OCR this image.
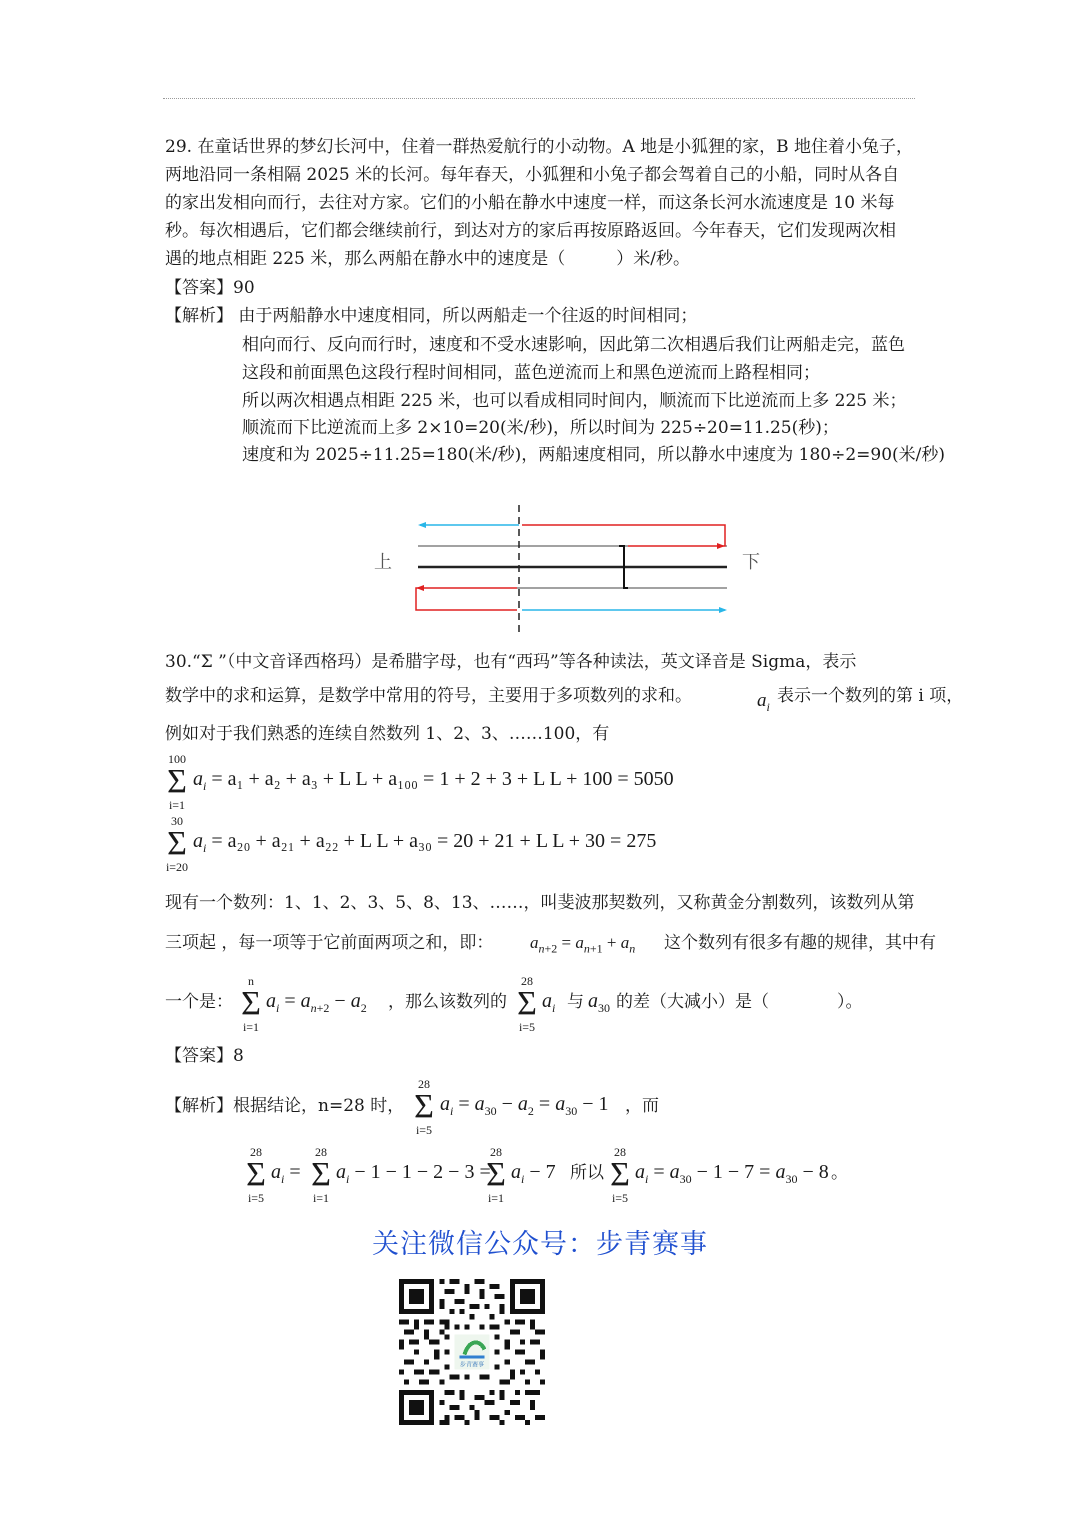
29. 在童话世界的梦幻长河中，住着一群热爱航行的小动物。A 地是小狐狸的家，B 地住着小兔子，
两地沿同一条相隔 2025 米的长河。每年春天，小狐狸和小兔子都会驾着自己的小船，同时从各自
的家出发相向而行，去往对方家。它们的小船在静水中速度一样，而这条长河水流速度是 10 米每
秒。每次相遇后，它们都会继续前行，到达对方的家后再按原路返回。今年春天，它们发现两次相
遇的地点相距 225 米，那么两船在静水中的速度是（　　　）米/秒。
【答案】90
【解析】 由于两船静水中速度相同，所以两船走一个往返的时间相同；
相向而行、反向而行时，速度和不受水速影响，因此第二次相遇后我们让两船走完，蓝色
这段和前面黑色这段行程时间相同，蓝色逆流而上和黑色逆流而上路程相同；
所以两次相遇点相距 225 米，也可以看成相同时间内，顺流而下比逆流而上多 225 米；
顺流而下比逆流而上多 2×10=20(米/秒)，所以时间为 225÷20=11.25(秒)；
速度和为 2025÷11.25=180(米/秒)，两船速度相同，所以静水中速度为 180÷2=90(米/秒)
上	下
30.“Σ ”（中文音译西格玛）是希腊字母，也有“西玛”等各种读法，英文译音是 Sigma，表示
数学中的求和运算，是数学中常用的符号，主要用于多项数列的求和。	$a_i$
表示一个数列的第 i 项，
例如对于我们熟悉的连续自然数列 1、2、3、……100，有
100
Σ
i=1
$a_i = a_1 + a_2 + a_3 + L$ L + a₁₀₀ = 1 + 2 + 3 + L L + 100 = 5050
30
Σ
i=20
$a_i = a_{20} + a_{21} + a_{22} + L$ L + a₃₀ = 20 + 21 + L L + 30 = 275
现有一个数列：1、1、2、3、5、8、13、……，叫斐波那契数列，又称黄金分割数列，该数列从第
三项起 ，每一项等于它前面两项之和，即： $a_{n+2} = a_{n+1} + a_n$ 这个数列有很多有趣的规律，其中有
一个是：
n
Σ
i=1
$a_i = a_{n+2} - a_2$ ，那么该数列的
28
Σ
i=5
$a_i$ 与 $a_{30}$ 的差（大减小）是（　　　　）。
【答案】8
【解析】根据结论，n=28 时，
28
Σ
i=5
$a_i = a_{30} - a_2 = a_{30} - 1$ ，而
28
Σ
i=5
$a_i$ =
28
Σ
i=1
$a_i - 1 - 1 - 2 - 3$ =
28
Σ
i=1
$a_i - 7$ 所以
28
Σ
i=5
$a_i = a_{30} - 1 - 7 = a_{30} - 8$ 。
关注微信公众号：步青赛事
步青赛事
